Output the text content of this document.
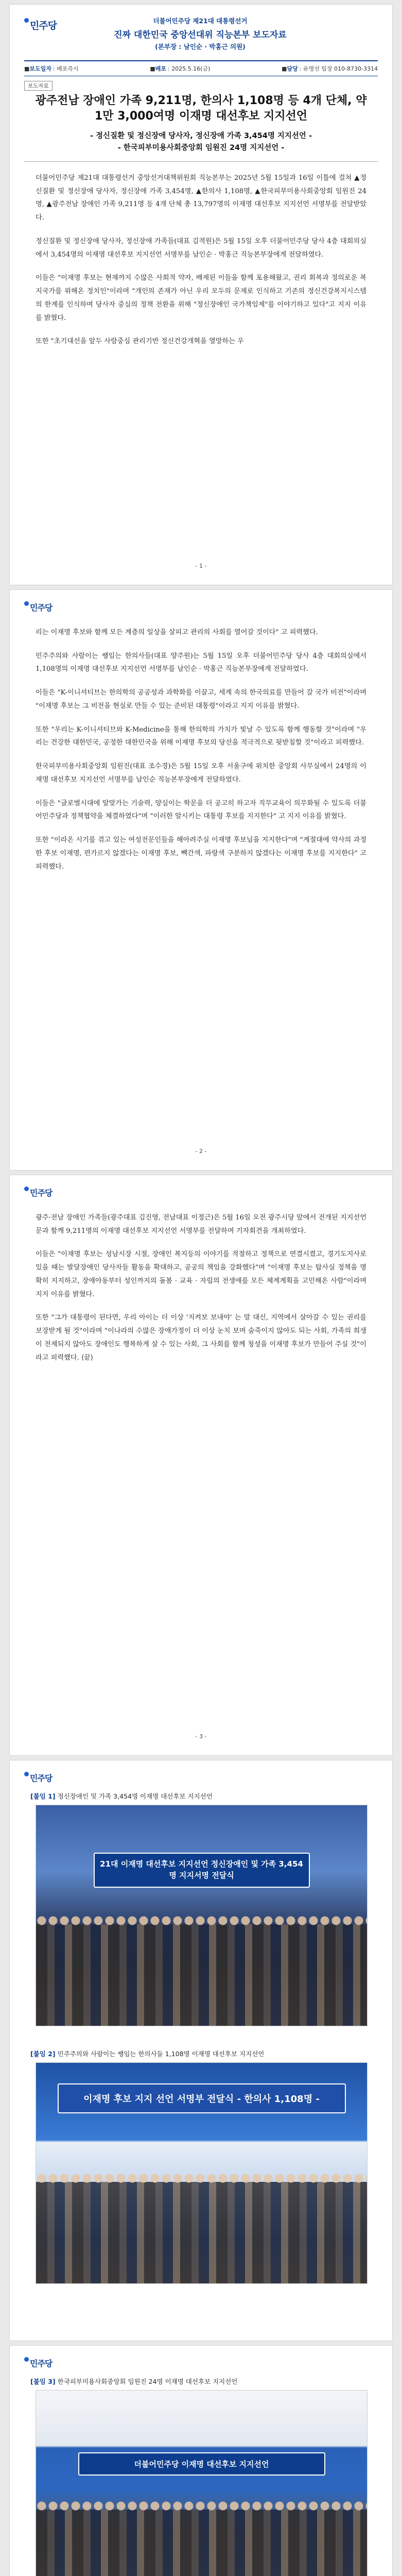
민주당	더불어민주당 제21대 대통령선거
진짜 대한민국 중앙선대위 직능본부 보도자료
(본부장 : 남인순 · 박홍근 의원)
■보도일자 : 배포즉시	■배포 : 2025.5.16(금)	■담당 : 유명선 팀장 010-8730-3314
보도자료
광주전남 장애인 가족 9,211명, 한의사 1,108명 등 4개 단체, 약 1만 3,000여명 이재명 대선후보 지지선언
- 정신질환 및 정신장애 당사자, 정신장애 가족 3,454명 지지선언 -
- 한국피부미용사회중앙회 임원진 24명 지지선언 -

더불어민주당 제21대 대통령선거 중앙선거대책위원회 직능본부는 2025년 5월 15일과 16일 이틀에 걸쳐 ▲정신질환 및 정신장애 당사자, 정신장애 가족 3,454명, ▲한의사 1,108명, ▲한국피부미용사회중앙회 임원진 24명, ▲광주전남 장애인 가족 9,211명 등 4개 단체 총 13,797명의 이재명 대선후보 지지선언 서명부를 전달받았다.

정신질환 및 정신장애 당사자, 정신장애 가족들(대표 김적원)은 5월 15일 오후 더불어민주당 당사 4층 대회의실에서 3,454명의 이재명 대선후보 지지선언 서명부를 남인순 · 박홍근 직능본부장에게 전달하였다.

이들은 "이재명 후보는 현재까지 수많은 사회적 약자, 배제된 이들을 함께 포용해왔고, 권리 회복과 정의로운 복지국가를 위해온 정치인"이라며 "개인의 존재가 아닌 우리 모두의 문제로 인식하고 기존의 정신건강복지시스템의 한계를 인식하며 당사자 중심의 정책 전환을 위해 "정신장애인 국가책임제"를 이야기하고 있다"고 지지 이유를 밝혔다.

또한 "초기대선을 앞두 사람중심 관리기반 정신건강개혁을 열망하는 우

- 1 -
민주당

리는 이재명 후보와 함께 모든 계층의 일상을 살피고 관리의 사회를 열어갈 것이다" 고 피력했다.

민주주의와 사람이는 쌩임는 한의사들(대표 양주원)는 5월 15일 오후 더불어민주당 당사 4층 대회의실에서 1,108명의 이재명 대선후보 지지선언 서명부를 남인순 · 박홍근 직능본부장에게 전달하였다.

이들은 "K-이니셔티브는 한의학의 공공성과 과학화를 이끌고, 세계 속의 한국의료를 만들어 갈 국가 비전"이라며 "이재명 후보는 그 비전을 현실로 만들 수 있는 준비된 대통령"이라고 지지 이유를 밝혔다.

또한 "우리는 K-이니셔티브와 K-Medicine을 통해 한의학의 가치가 빛날 수 있도록 함께 행동할 것"이라며 "우리는 건강한 대한민국, 공정한 대한민국을 위해 이재명 후보의 당선을 적극적으로 뒷받침할 것"이라고 피력했다.

한국피부미용사회중앙회 임원진(대표 조수경)은 5월 15일 오후 서울구에 위치한 중앙회 사무실에서 24명의 이재명 대선후보 지지선언 서명부를 남인순 직능본부장에게 전달하였다.

이들은 "글로벌시대에 알맞가는 기술력, 양심이는 학문을 더 공고히 하고자 직무교육이 의무화될 수 있도록 더불어민주당과 정책협약을 체결하였다"며 "이러한 알시키는 대통령 후보를 지지한다" 고 지지 이유를 밝혔다.

또한 "이라온 시기를 겪고 있는 여성전문인들을 해아려주실 이재명 후보님을 지지한다"며 "계절대에 약사의 과정한 후보 이재명, 편가르지 않겠다는 이재명 후보, 빽간색, 파랑색 구분하지 않겠다는 이재명 후보를 지지한다" 고 피력했다.

- 2 -
민주당

광주·전남 장애인 가족들(광주대표 김진영, 전남대표 이정근)은 5월 16일 오전 광주시당 앞에서 전개된 지지선언문과 함께 9,211명의 이재명 대선후보 지지선언 서명부를 전달하며 기자회견을 개최하였다.

이들은 "이재명 후보는 성남시장 시절, 장애인 복지등의 이야기를 적절하고 정책으로 연결시켰고, 경기도지사로 있을 때는 발달장애인 당사자들 활동을 확대하고, 공공의 책임을 강화했다"며 "이재명 후보는 탑사실 정책을 명확히 지지하고, 장애아동부터 성인까지의 돌봄 · 교육 · 자립의 전생애를 모든 체계계획을 고민해온 사람"이라며 지지 이유를 밝혔다.

또한 "그가 대통령이 된다면, 우리 아이는 더 이상 '지켜보 보내야' 는 말 대신, 지역에서 살아갈 수 있는 권리를 보장받게 될 것"이라며 "이나라의 수많은 장애가정이 더 이상 눈치 보며 숨죽이지 않아도 되는 사회, 가족의 희생이 전제되지 않아도 장애인도 행복하게 살 수 있는 사회, 그 사회를 함께 청성을 이재명 후보가 만들어 주실 것"이라고 피력했다. ⟨끝⟩

- 3 -
민주당
[붙임 1] 정신장애인 및 가족 3,454명 이재명 대선후보 지지선언
21대 이재명 대선후보 지지선언 정신장애인 및 가족 3,454명 지지서명 전달식
[붙임 2] 민주주의와 사람이는 쌩임는 한의사들 1,108명 이재명 대선후보 지지선언
이재명 후보 지지 선언 서명부 전달식 - 한의사 1,108명 -
민주당
[붙임 3] 한국피부미용사회중앙회 임원진 24명 이재명 대선후보 지지선언
더불어민주당 이재명 대선후보 지지선언
